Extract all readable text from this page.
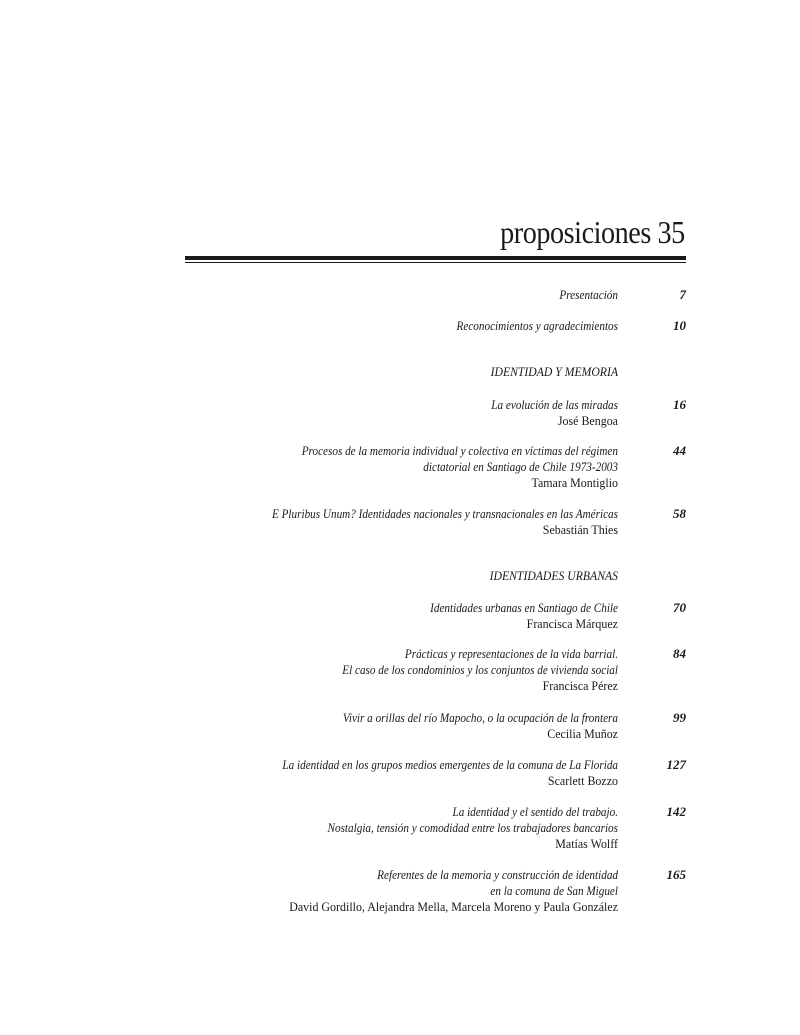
proposiciones 35
Presentación	7
Reconocimientos y agradecimientos	10
IDENTIDAD Y MEMORIA
La evolución de las miradas
José Bengoa
16
Procesos de la memoria individual y colectiva en víctimas del régimen
dictatorial en Santiago de Chile 1973-2003
Tamara Montiglio
44
E Pluribus Unum? Identidades nacionales y transnacionales en las Américas
Sebastián Thies
58
IDENTIDADES URBANAS
Identidades urbanas en Santiago de Chile
Francisca Márquez
70
Prácticas y representaciones de la vida barrial.
El caso de los condominios y los conjuntos de vivienda social
Francisca Pérez
84
Vivir a orillas del río Mapocho, o la ocupación de la frontera
Cecilia Muñoz
99
La identidad en los grupos medios emergentes de la comuna de La Florida
Scarlett Bozzo
127
La identidad y el sentido del trabajo.
Nostalgia, tensión y comodidad entre los trabajadores bancarios
Matías Wolff
142
Referentes de la memoria y construcción de identidad
en la comuna de San Miguel
David Gordillo, Alejandra Mella, Marcela Moreno y Paula González
165
